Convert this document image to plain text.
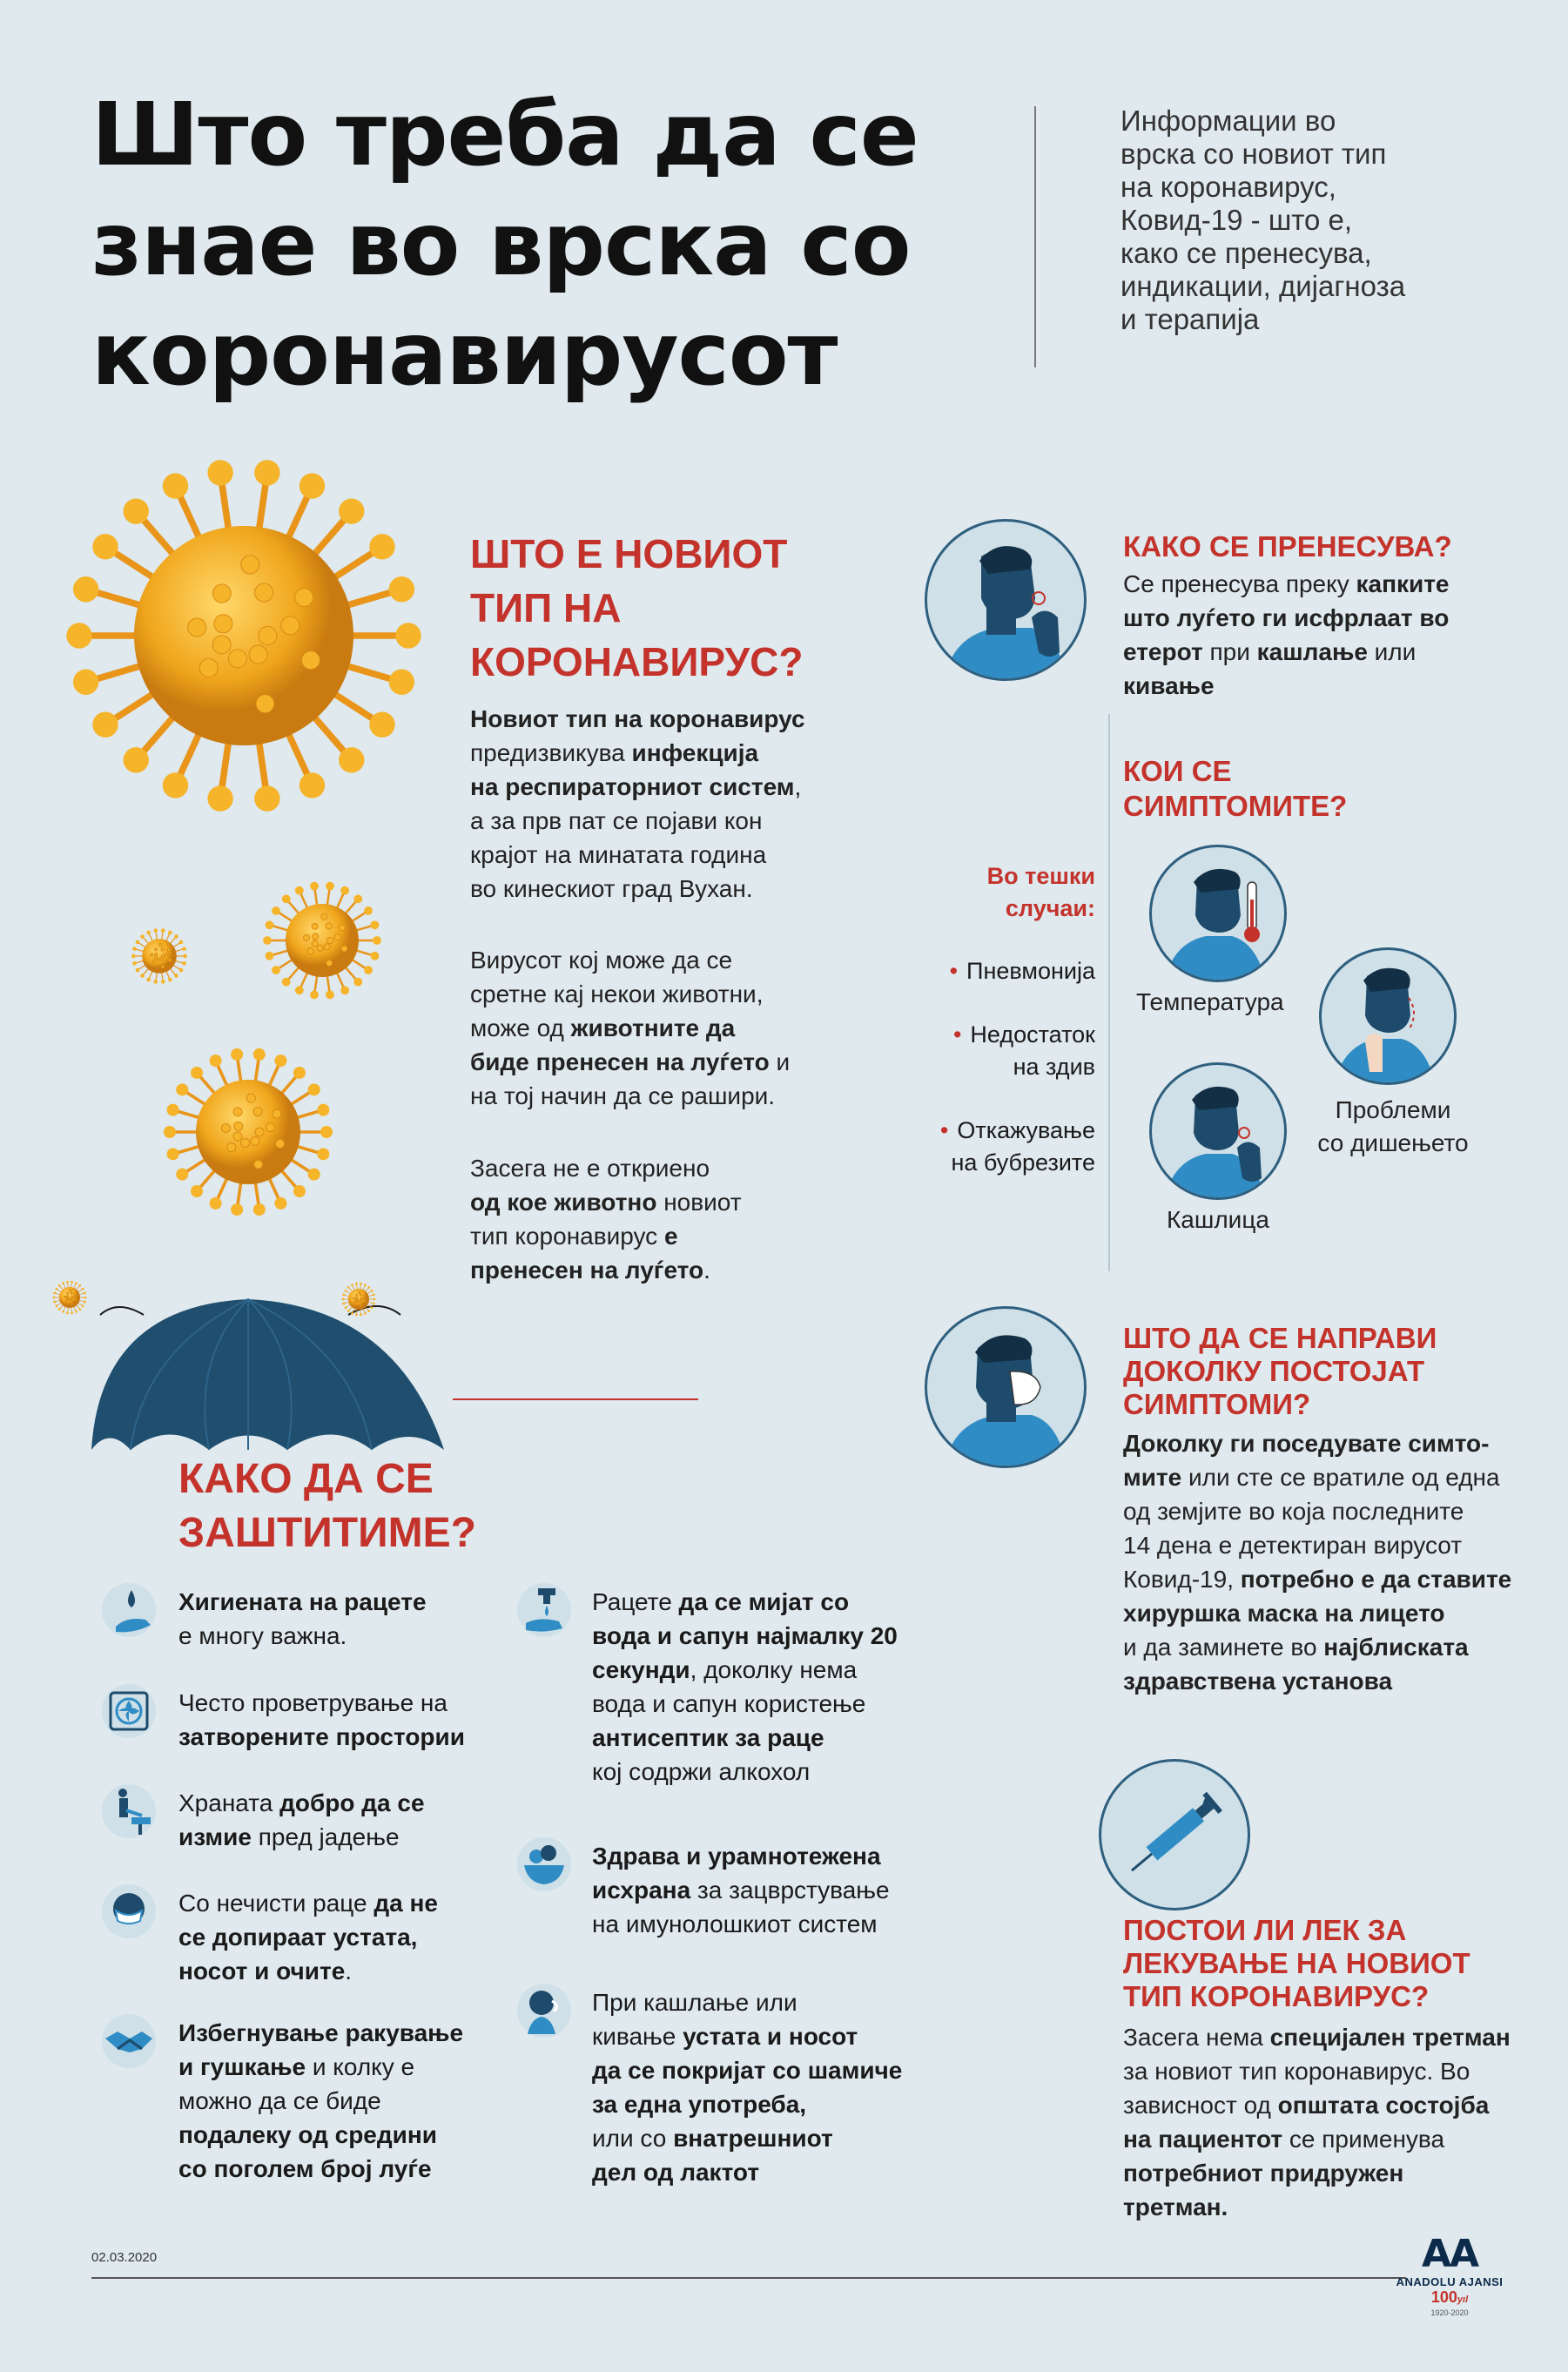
Што треба да се
знае во врска со
коронавирусот
Информации во
врска со новиот тип
на коронавирус,
Ковид-19 - што е,
како се пренесува,
индикации, дијагноза
и терапија
ШТО Е НОВИОТ
ТИП НА
КОРОНАВИРУС?
Новиот тип на коронавирус
предизвикува инфекција
на респираторниот систем,
а за прв пат се појави кон
крајот на минатата година
во кинескиот град Вухан.
Вирусот кој може да се
сретне кај некои животни,
може од животните да
биде пренесен на луѓето и
на тој начин да се рашири.
Засега не е откриено
од кое животно новиот
тип коронавирус е
пренесен на луѓето.
КАКО ДА СЕ
ЗАШТИТИМЕ?
Хигиената на рацете
е многу важна.
Често проветрување на
затворените простории
Храната добро да се
измие пред јадење
Со нечисти раце да не
се допираат устата,
носот и очите.
Избегнување ракување
и гушкање и колку е
можно да се биде
подалеку од средини
со поголем број луѓе
Рацете да се мијат со
вода и сапун најмалку 20
секунди, доколку нема
вода и сапун користење
антисептик за раце
кој содржи алкохол
Здрава и урамнотежена
исхрана за зацврстување
на имунолошкиот систем
При кашлање или
кивање устата и носот
да се покријат со шамиче
за една употреба,
или со внатрешниот
дел од лактот
КАКО СЕ ПРЕНЕСУВА?
Се пренесува преку капките
што луѓето ги исфрлаат во
етерот при кашлање или
кивање
КОИ СЕ
СИМПТОМИТЕ?
Во тешки
случаи:
• Пневмонија
• Недостаток
на здив
• Откажување
на бубрезите
Температура
Проблеми
со дишењето
Кашлица
ШТО ДА СЕ НАПРАВИ
ДОКОЛКУ ПОСТОЈАТ
СИМПТОМИ?
Доколку ги поседувате симто-
мите или сте се вратиле од една
од земјите во која последните
14 дена е детектиран вирусот
Ковид-19, потребно е да ставите
хируршка маска на лицето
и да заминете во најблиската
здравствена установа
ПОСТОИ ЛИ ЛЕК ЗА
ЛЕКУВАЊЕ НА НОВИОТ
ТИП КОРОНАВИРУС?
Засега нема специјален третман
за новиот тип коронавирус. Во
зависност од општата состојба
на пациентот се применува
потребниот придружен
третман.
02.03.2020	AA
ANADOLU AJANSI
100yıl
1920-2020
